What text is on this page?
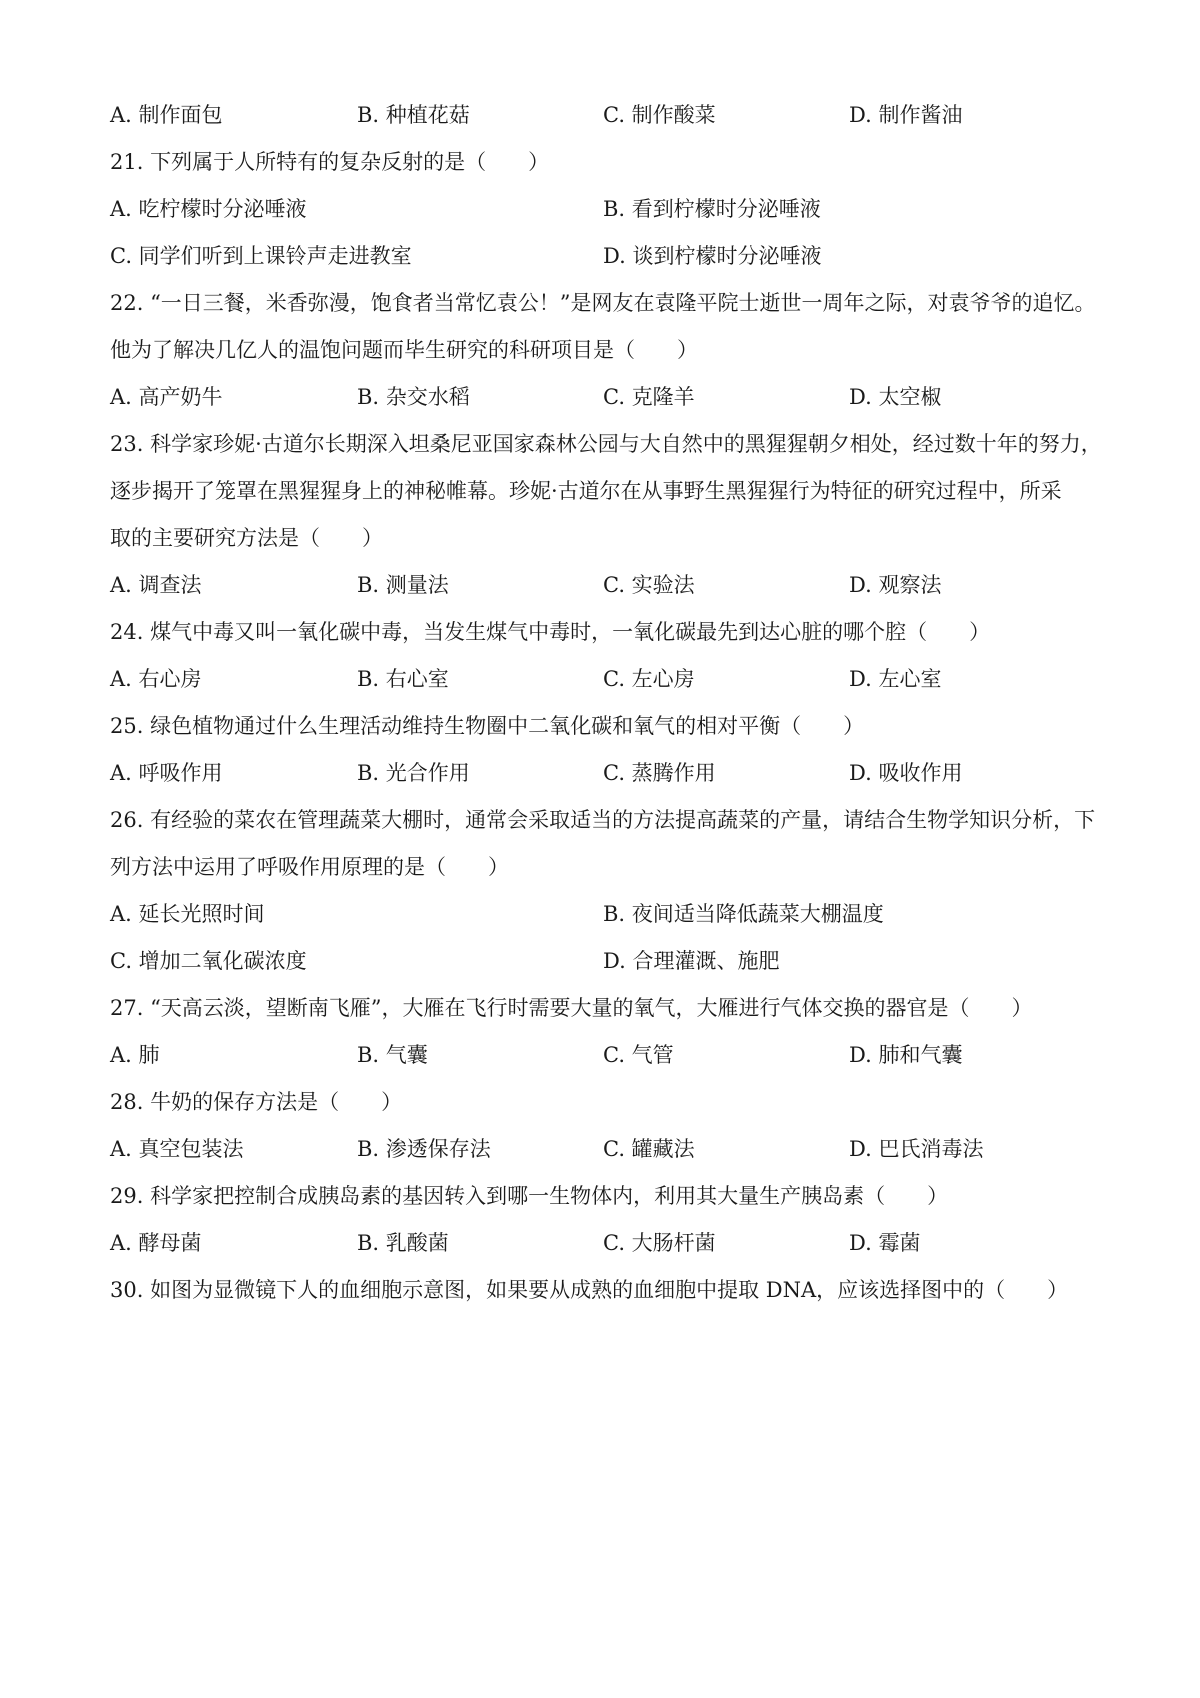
A. 制作面包	B. 种植花菇	C. 制作酸菜	D. 制作酱油
21. 下列属于人所特有的复杂反射的是（　　）
A. 吃柠檬时分泌唾液	B. 看到柠檬时分泌唾液
C. 同学们听到上课铃声走进教室	D. 谈到柠檬时分泌唾液
22. “一日三餐，米香弥漫，饱食者当常忆袁公！”是网友在袁隆平院士逝世一周年之际，对袁爷爷的追忆。
他为了解决几亿人的温饱问题而毕生研究的科研项目是（　　）
A. 高产奶牛	B. 杂交水稻	C. 克隆羊	D. 太空椒
23. 科学家珍妮·古道尔长期深入坦桑尼亚国家森林公园与大自然中的黑猩猩朝夕相处，经过数十年的努力，
逐步揭开了笼罩在黑猩猩身上的神秘帷幕。珍妮·古道尔在从事野生黑猩猩行为特征的研究过程中，所采
取的主要研究方法是（　　）
A. 调查法	B. 测量法	C. 实验法	D. 观察法
24. 煤气中毒又叫一氧化碳中毒，当发生煤气中毒时，一氧化碳最先到达心脏的哪个腔（　　）
A. 右心房	B. 右心室	C. 左心房	D. 左心室
25. 绿色植物通过什么生理活动维持生物圈中二氧化碳和氧气的相对平衡（　　）
A. 呼吸作用	B. 光合作用	C. 蒸腾作用	D. 吸收作用
26. 有经验的菜农在管理蔬菜大棚时，通常会采取适当的方法提高蔬菜的产量，请结合生物学知识分析，下
列方法中运用了呼吸作用原理的是（　　）
A. 延长光照时间	B. 夜间适当降低蔬菜大棚温度
C. 增加二氧化碳浓度	D. 合理灌溉、施肥
27. “天高云淡，望断南飞雁”，大雁在飞行时需要大量的氧气，大雁进行气体交换的器官是（　　）
A. 肺	B. 气囊	C. 气管	D. 肺和气囊
28. 牛奶的保存方法是（　　）
A. 真空包装法	B. 渗透保存法	C. 罐藏法	D. 巴氏消毒法
29. 科学家把控制合成胰岛素的基因转入到哪一生物体内，利用其大量生产胰岛素（　　）
A. 酵母菌	B. 乳酸菌	C. 大肠杆菌	D. 霉菌
30. 如图为显微镜下人的血细胞示意图，如果要从成熟的血细胞中提取 DNA，应该选择图中的（　　）
